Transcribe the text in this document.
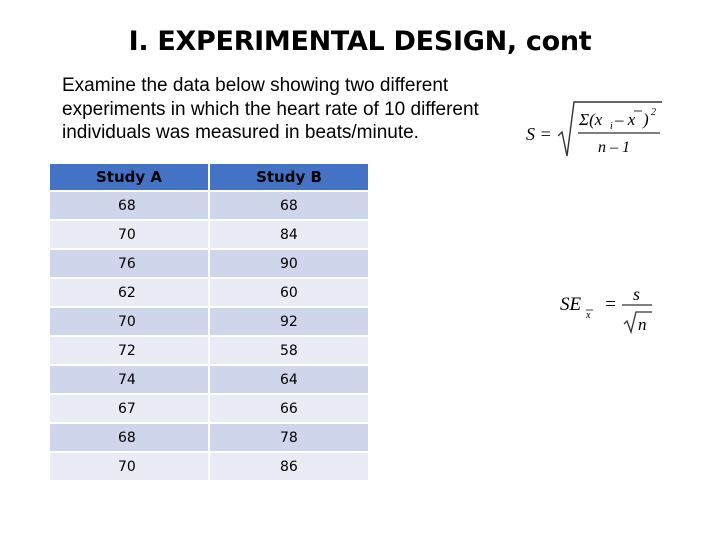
I. EXPERIMENTAL DESIGN, cont
Examine the data below showing two different experiments in which the heart rate of 10 different individuals was measured in beats/minute.
Study A	Study B
68	68
70	84
76	90
62	60
70	92
72	58
74	64
67	66
68	78
70	86
S =
Σ(x i – x ) 2
n – 1
SE
x
= s
n
